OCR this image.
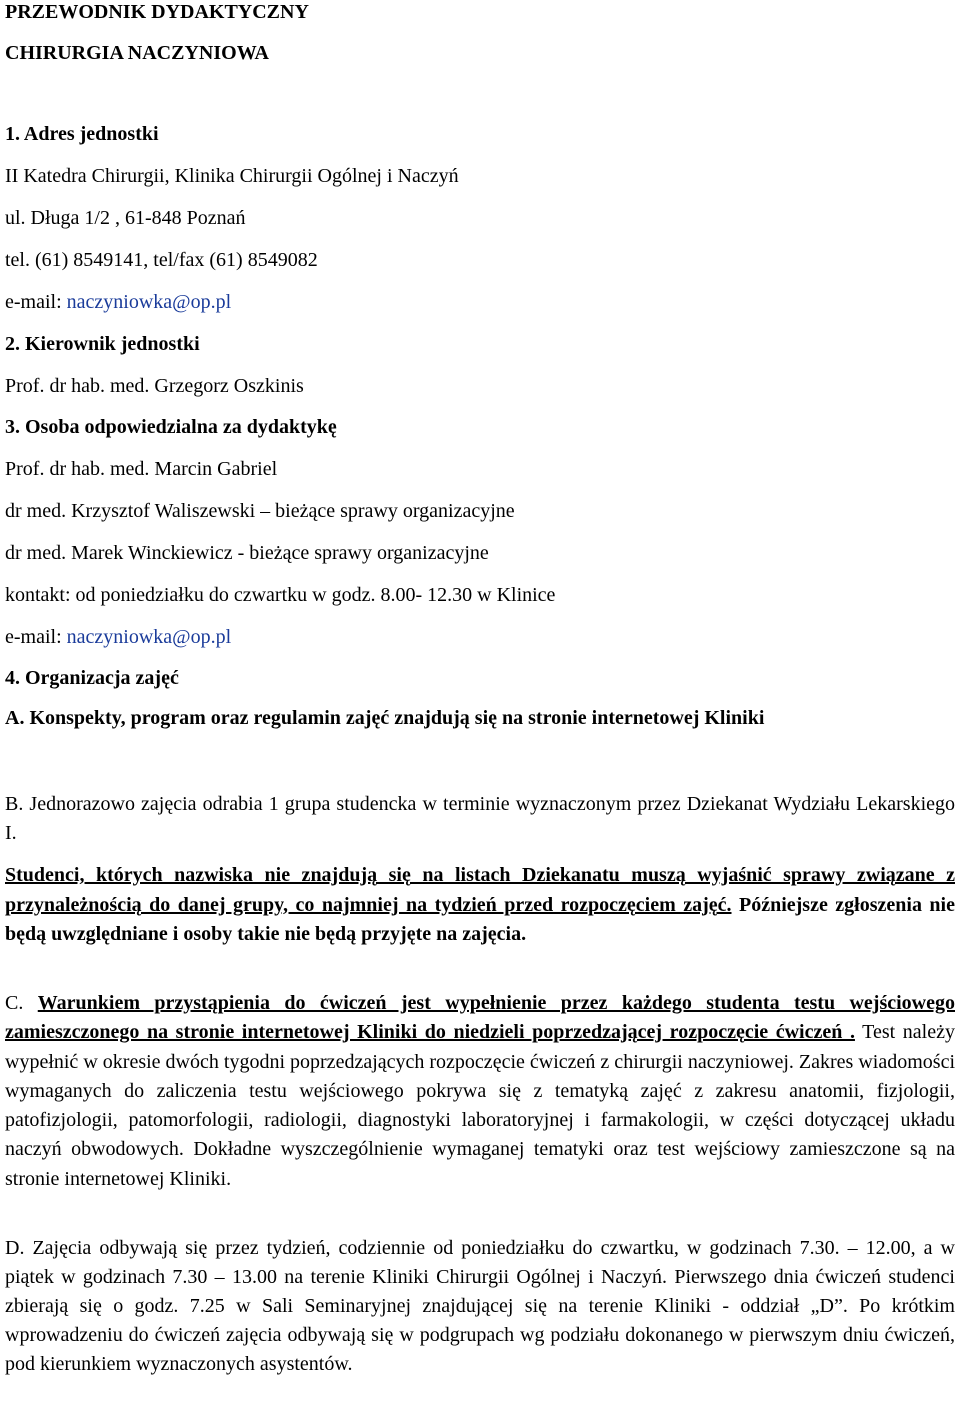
PRZEWODNIK DYDAKTYCZNY
CHIRURGIA NACZYNIOWA
1. Adres jednostki
II Katedra Chirurgii, Klinika Chirurgii Ogólnej i Naczyń
ul. Długa 1/2 , 61-848 Poznań
tel. (61) 8549141, tel/fax (61) 8549082
e-mail: naczyniowka@op.pl
2. Kierownik jednostki
Prof. dr hab. med. Grzegorz Oszkinis
3. Osoba odpowiedzialna za dydaktykę
Prof. dr hab. med. Marcin Gabriel
dr med. Krzysztof Waliszewski – bieżące sprawy organizacyjne
dr med. Marek Winckiewicz - bieżące sprawy organizacyjne
kontakt: od poniedziałku do czwartku w godz. 8.00- 12.30 w Klinice
e-mail: naczyniowka@op.pl
4. Organizacja zajęć
A. Konspekty, program oraz regulamin zajęć znajdują się na stronie internetowej Kliniki
B. Jednorazowo zajęcia odrabia 1 grupa studencka w terminie wyznaczonym przez Dziekanat Wydziału Lekarskiego I.
Studenci, których nazwiska nie znajdują się na listach Dziekanatu muszą wyjaśnić sprawy związane z przynależnością do danej grupy, co najmniej na tydzień przed rozpoczęciem zajęć. Późniejsze zgłoszenia nie będą uwzględniane i osoby takie nie będą przyjęte na zajęcia.
C. Warunkiem przystąpienia do ćwiczeń jest wypełnienie przez każdego studenta testu wejściowego zamieszczonego na stronie internetowej Kliniki do niedzieli poprzedzającej rozpoczęcie ćwiczeń . Test należy wypełnić w okresie dwóch tygodni poprzedzających rozpoczęcie ćwiczeń z chirurgii naczyniowej. Zakres wiadomości wymaganych do zaliczenia testu wejściowego pokrywa się z tematyką zajęć z zakresu anatomii, fizjologii, patofizjologii, patomorfologii, radiologii, diagnostyki laboratoryjnej i farmakologii, w części dotyczącej układu naczyń obwodowych. Dokładne wyszczególnienie wymaganej tematyki oraz test wejściowy zamieszczone są na stronie internetowej Kliniki.
D. Zajęcia odbywają się przez tydzień, codziennie od poniedziałku do czwartku, w godzinach 7.30. – 12.00, a w piątek w godzinach 7.30 – 13.00 na terenie Kliniki Chirurgii Ogólnej i Naczyń. Pierwszego dnia ćwiczeń studenci zbierają się o godz. 7.25 w Sali Seminaryjnej znajdującej się na terenie Kliniki - oddział „D”. Po krótkim wprowadzeniu do ćwiczeń zajęcia odbywają się w podgrupach wg podziału dokonanego w pierwszym dniu ćwiczeń, pod kierunkiem wyznaczonych asystentów.
